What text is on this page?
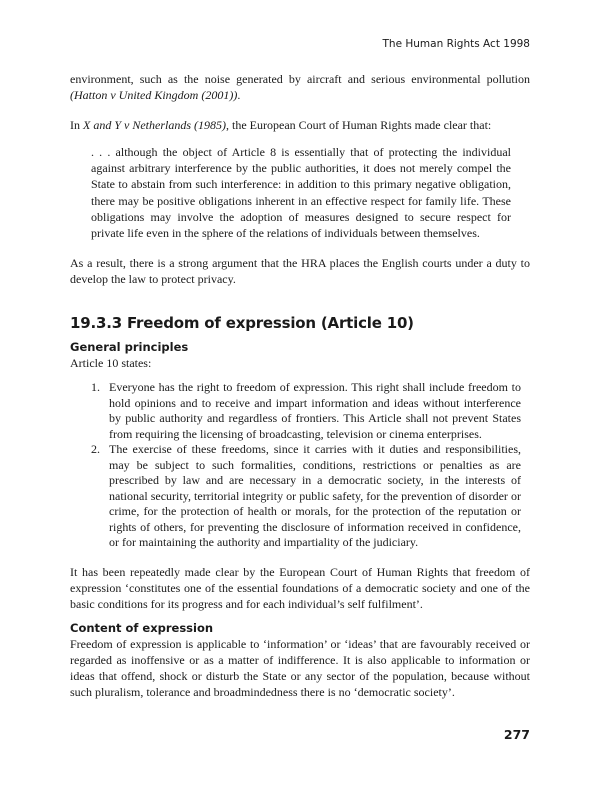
The Human Rights Act 1998

environment, such as the noise generated by aircraft and serious environmental pollution (Hatton v United Kingdom (2001)).

In X and Y v Netherlands (1985), the European Court of Human Rights made clear that:

. . . although the object of Article 8 is essentially that of protecting the individual against arbitrary interference by the public authorities, it does not merely compel the State to abstain from such interference: in addition to this primary negative obligation, there may be positive obligations inherent in an effective respect for family life. These obligations may involve the adoption of measures designed to secure respect for private life even in the sphere of the relations of individuals between themselves.

As a result, there is a strong argument that the HRA places the English courts under a duty to develop the law to protect privacy.

19.3.3 Freedom of expression (Article 10)
General principles

Article 10 states:

1. Everyone has the right to freedom of expression. This right shall include freedom to hold opinions and to receive and impart information and ideas without interference by public authority and regardless of frontiers. This Article shall not prevent States from requiring the licensing of broadcasting, television or cinema enterprises.
2. The exercise of these freedoms, since it carries with it duties and responsibilities, may be subject to such formalities, conditions, restrictions or penalties as are prescribed by law and are necessary in a democratic society, in the interests of national security, territorial integrity or public safety, for the prevention of disorder or crime, for the protection of health or morals, for the protection of the reputation or rights of others, for preventing the disclosure of information received in confidence, or for maintaining the authority and impartiality of the judiciary.

It has been repeatedly made clear by the European Court of Human Rights that freedom of expression ‘constitutes one of the essential foundations of a democratic society and one of the basic conditions for its progress and for each individual’s self fulfilment’.

Content of expression

Freedom of expression is applicable to ‘information’ or ‘ideas’ that are favourably received or regarded as inoffensive or as a matter of indifference. It is also applicable to information or ideas that offend, shock or disturb the State or any sector of the population, because without such pluralism, tolerance and broadmindedness there is no ‘democratic society’.

277
